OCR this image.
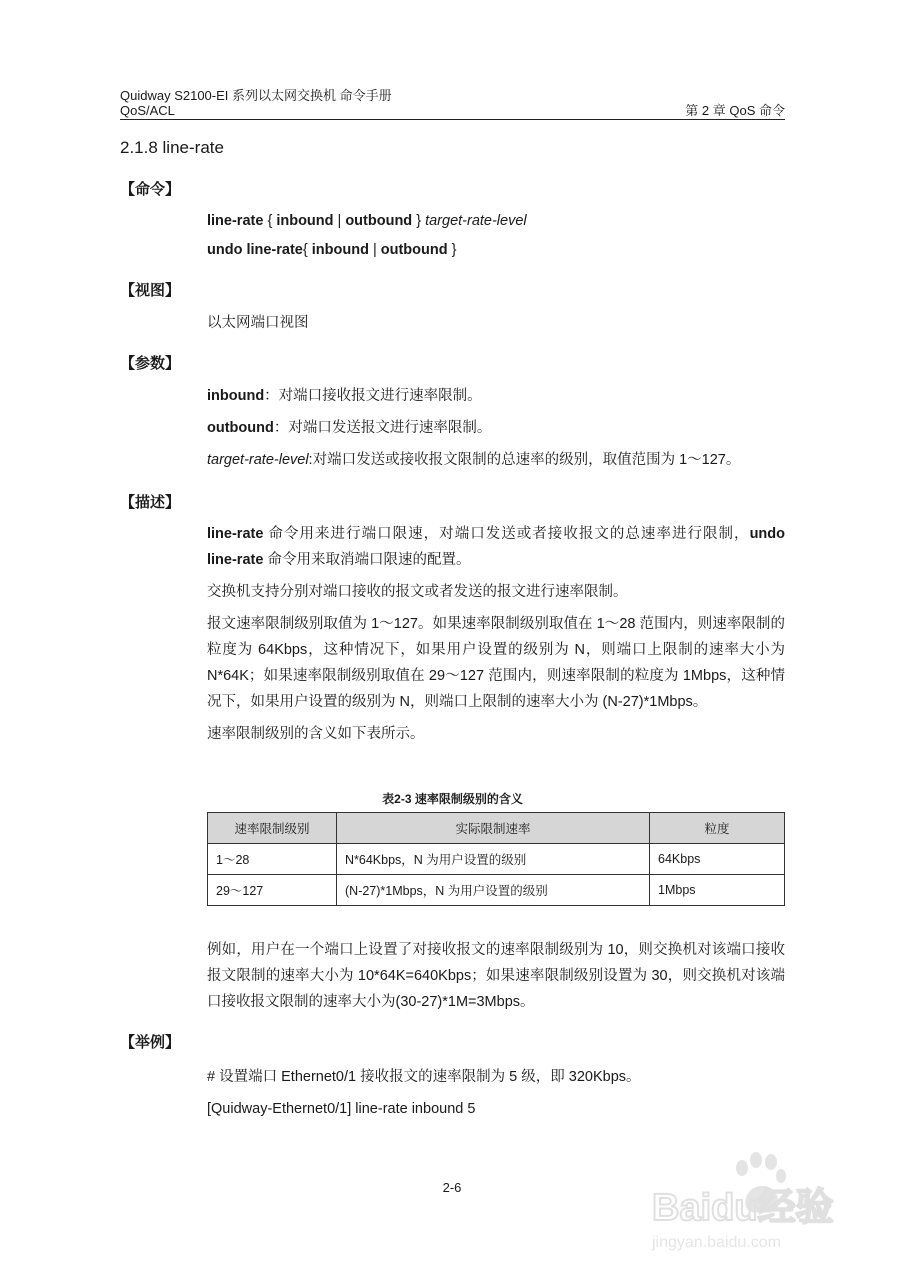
Quidway S2100-EI 系列以太网交换机 命令手册
QoS/ACL	第 2 章 QoS 命令
2.1.8 line-rate
【命令】
line-rate { inbound | outbound } target-rate-level
undo line-rate{ inbound | outbound }
【视图】
以太网端口视图
【参数】
inbound：对端口接收报文进行速率限制。
outbound：对端口发送报文进行速率限制。
target-rate-level:对端口发送或接收报文限制的总速率的级别，取值范围为 1～127。
【描述】

line-rate 命令用来进行端口限速，对端口发送或者接收报文的总速率进行限制，undo line-rate 命令用来取消端口限速的配置。

交换机支持分别对端口接收的报文或者发送的报文进行速率限制。

报文速率限制级别取值为 1～127。如果速率限制级别取值在 1～28 范围内，则速率限制的粒度为 64Kbps，这种情况下，如果用户设置的级别为 N，则端口上限制的速率大小为 N*64K；如果速率限制级别取值在 29～127 范围内，则速率限制的粒度为 1Mbps，这种情况下，如果用户设置的级别为 N，则端口上限制的速率大小为 (N-27)*1Mbps。

速率限制级别的含义如下表所示。

表2-3 速率限制级别的含义
速率限制级别	实际限制速率	粒度
1～28	N*64Kbps，N 为用户设置的级别	64Kbps
29～127	(N-27)*1Mbps，N 为用户设置的级别	1Mbps

例如，用户在一个端口上设置了对接收报文的速率限制级别为 10，则交换机对该端口接收报文限制的速率大小为 10*64K=640Kbps；如果速率限制级别设置为 30，则交换机对该端口接收报文限制的速率大小为(30-27)*1M=3Mbps。

【举例】

# 设置端口 Ethernet0/1 接收报文的速率限制为 5 级，即 320Kbps。

[Quidway-Ethernet0/1] line-rate inbound 5

2-6	Baidu经验
jingyan.baidu.com
